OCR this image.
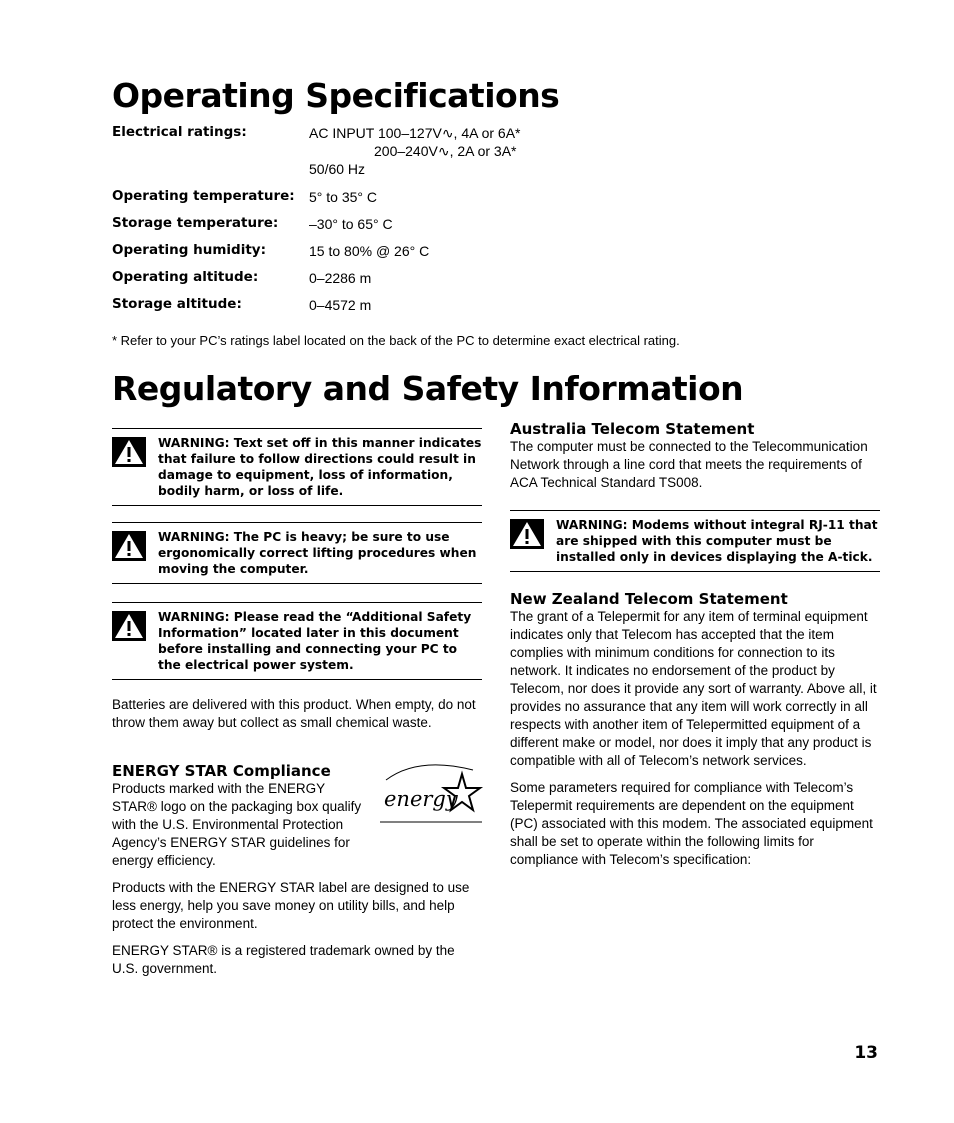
Operating Specifications
Electrical ratings:	AC INPUT 100–127V∿, 4A or 6A*
200–240V∿, 2A or 3A*
50/60 Hz
Operating temperature: 5° to 35° C
Storage temperature: –30° to 65° C
Operating humidity:	15 to 80% @ 26° C
Operating altitude:	0–2286 m
Storage altitude:	0–4572 m
* Refer to your PC’s ratings label located on the back of the PC to determine exact electrical rating.
Regulatory and Safety Information
WARNING: Text set off in this manner indicates that failure to follow directions could result in damage to equipment, loss of information, bodily harm, or loss of life.
WARNING: The PC is heavy; be sure to use ergonomically correct lifting procedures when moving the computer.
WARNING: Please read the “Additional Safety Information” located later in this document before installing and connecting your PC to the electrical power system.

Batteries are delivered with this product. When empty, do not throw them away but collect as small chemical waste.

ENERGY STAR Compliance

Products marked with the ENERGY STAR® logo on the packaging box qualify with the U.S. Environmental Protection Agency’s ENERGY STAR guidelines for energy efficiency.

Products with the ENERGY STAR label are designed to use less energy, help you save money on utility bills, and help protect the environment.

ENERGY STAR® is a registered trademark owned by the U.S. government.

energy
Australia Telecom Statement

The computer must be connected to the Telecommunication Network through a line cord that meets the requirements of ACA Technical Standard TS008.

WARNING: Modems without integral RJ-11 that are shipped with this computer must be installed only in devices displaying the A-tick.
New Zealand Telecom Statement

The grant of a Telepermit for any item of terminal equipment indicates only that Telecom has accepted that the item complies with minimum conditions for connection to its network. It indicates no endorsement of the product by Telecom, nor does it provide any sort of warranty. Above all, it provides no assurance that any item will work correctly in all respects with another item of Telepermitted equipment of a different make or model, nor does it imply that any product is compatible with all of Telecom’s network services.

Some parameters required for compliance with Telecom’s Telepermit requirements are dependent on the equipment (PC) associated with this modem. The associated equipment shall be set to operate within the following limits for compliance with Telecom’s specification:

13
